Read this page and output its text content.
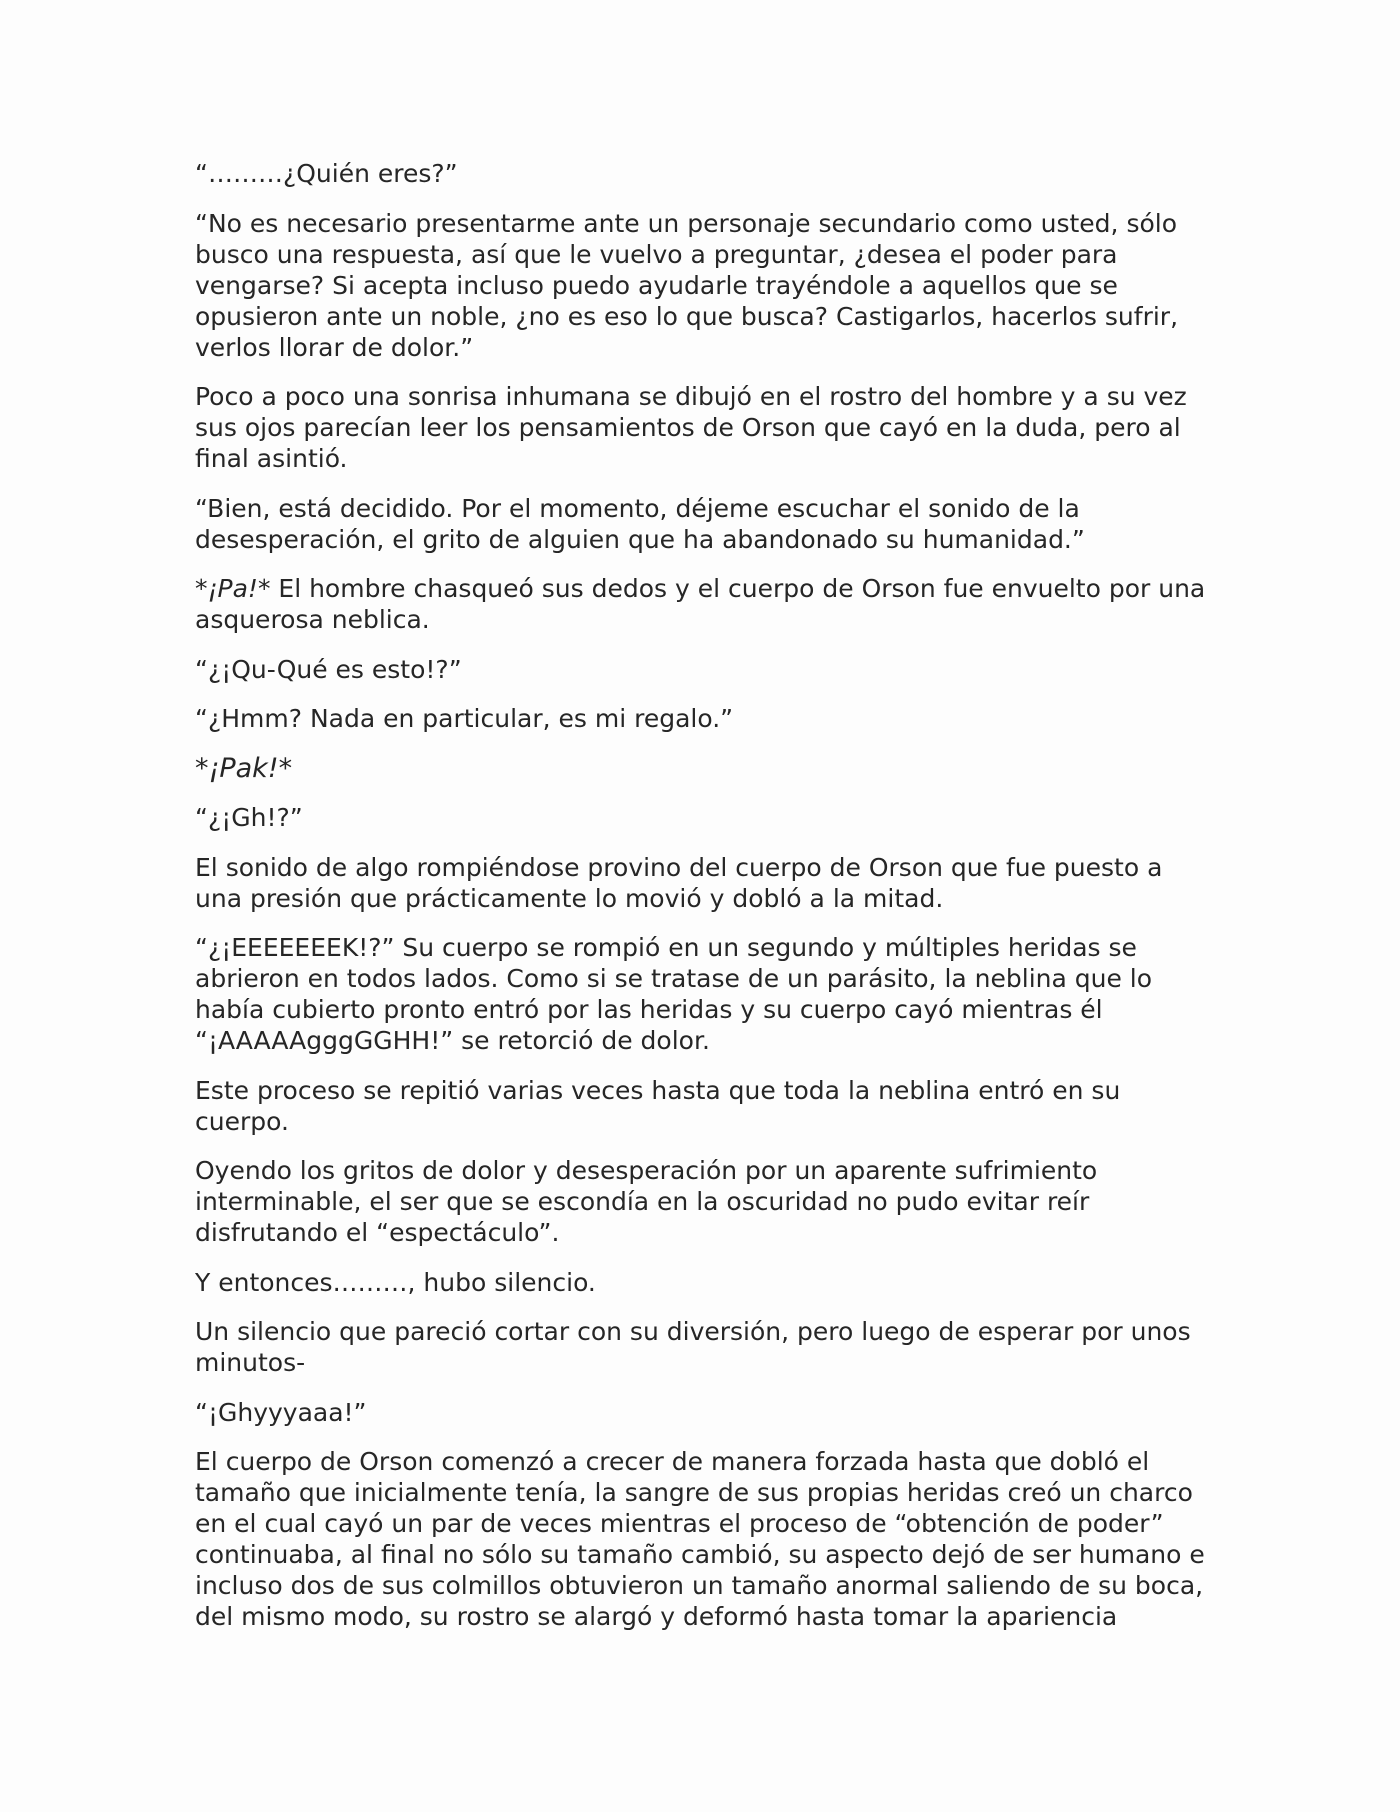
“………¿Quién eres?”

“No es necesario presentarme ante un personaje secundario como usted, sólo busco una respuesta, así que le vuelvo a preguntar, ¿desea el poder para vengarse? Si acepta incluso puedo ayudarle trayéndole a aquellos que se opusieron ante un noble, ¿no es eso lo que busca? Castigarlos, hacerlos sufrir, verlos llorar de dolor.”

Poco a poco una sonrisa inhumana se dibujó en el rostro del hombre y a su vez sus ojos parecían leer los pensamientos de Orson que cayó en la duda, pero al final asintió.

“Bien, está decidido. Por el momento, déjeme escuchar el sonido de la desesperación, el grito de alguien que ha abandonado su humanidad.”

*¡Pa!* El hombre chasqueó sus dedos y el cuerpo de Orson fue envuelto por una asquerosa neblica.

“¿¡Qu-Qué es esto!?”

“¿Hmm? Nada en particular, es mi regalo.”

*¡Pak!*

“¿¡Gh!?”

El sonido de algo rompiéndose provino del cuerpo de Orson que fue puesto a una presión que prácticamente lo movió y dobló a la mitad.

“¿¡EEEEEEEK!?” Su cuerpo se rompió en un segundo y múltiples heridas se abrieron en todos lados. Como si se tratase de un parásito, la neblina que lo había cubierto pronto entró por las heridas y su cuerpo cayó mientras él “¡AAAAAgggGGHH!” se retorció de dolor.

Este proceso se repitió varias veces hasta que toda la neblina entró en su cuerpo.

Oyendo los gritos de dolor y desesperación por un aparente sufrimiento interminable, el ser que se escondía en la oscuridad no pudo evitar reír disfrutando el “espectáculo”.

Y entonces………, hubo silencio.

Un silencio que pareció cortar con su diversión, pero luego de esperar por unos minutos-

“¡Ghyyyaaa!”

El cuerpo de Orson comenzó a crecer de manera forzada hasta que dobló el tamaño que inicialmente tenía, la sangre de sus propias heridas creó un charco en el cual cayó un par de veces mientras el proceso de “obtención de poder” continuaba, al final no sólo su tamaño cambió, su aspecto dejó de ser humano e incluso dos de sus colmillos obtuvieron un tamaño anormal saliendo de su boca, del mismo modo, su rostro se alargó y deformó hasta tomar la apariencia
